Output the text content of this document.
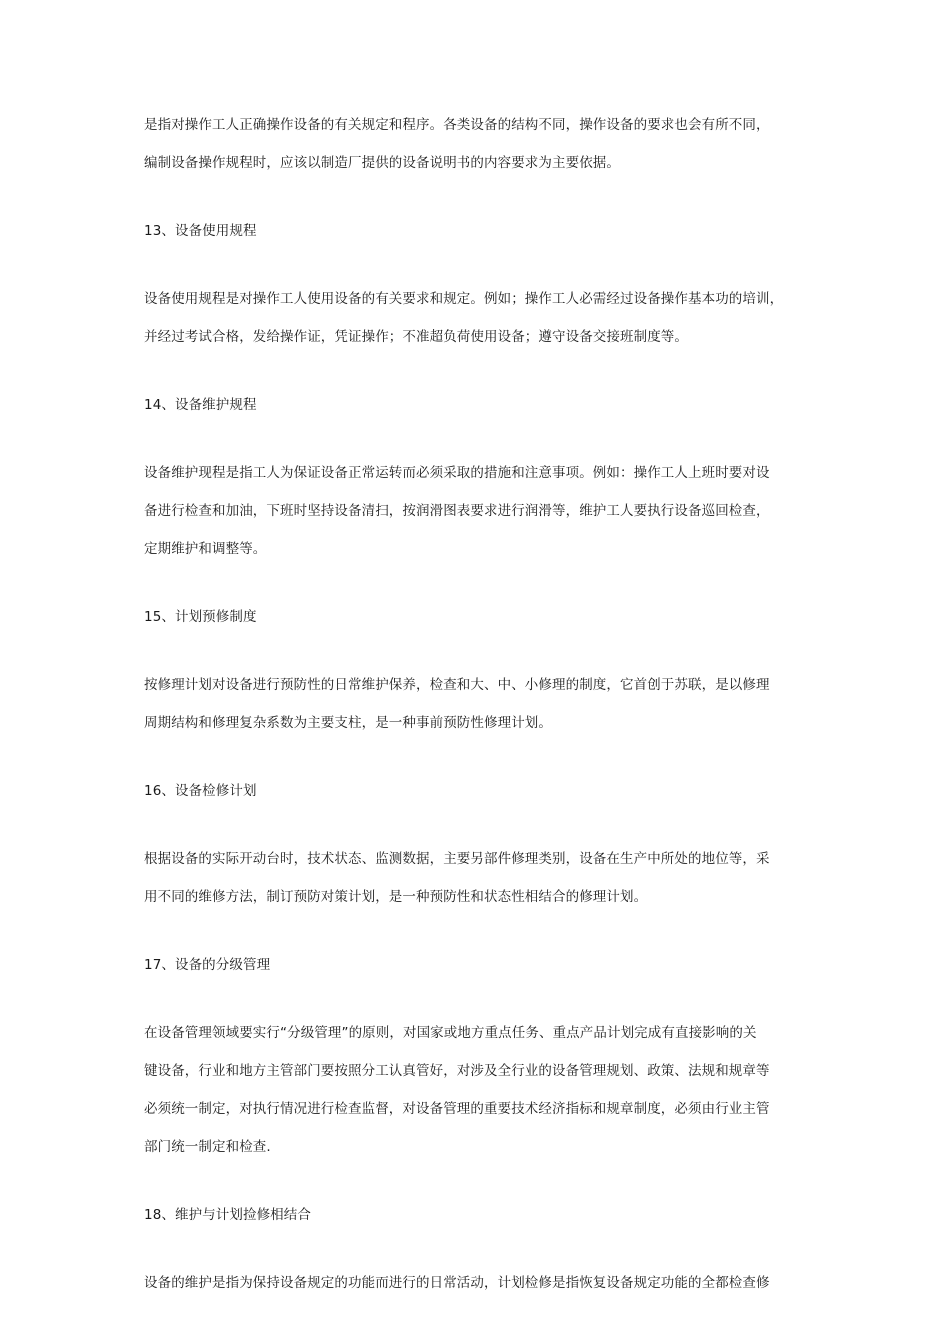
是指对操作工人正确操作设备的有关规定和程序。各类设备的结构不同，操作设备的要求也会有所不同，
编制设备操作规程时，应该以制造厂提供的设备说明书的内容要求为主要依据。
13、设备使用规程
设备使用规程是对操作工人使用设备的有关要求和规定。例如；操作工人必需经过设备操作基本功的培训，
并经过考试合格，发给操作证，凭证操作；不准超负荷使用设备；遵守设备交接班制度等。
14、设备维护规程
设备维护现程是指工人为保证设备正常运转而必须采取的措施和注意事项。例如：操作工人上班时要对设
备进行检查和加油，下班时坚持设备清扫，按润滑图表要求进行润滑等，维护工人要执行设备巡回检查，
定期维护和调整等。
15、计划预修制度
按修理计划对设备进行预防性的日常维护保养，检查和大、中、小修理的制度，它首创于苏联，是以修理
周期结构和修理复杂系数为主要支柱，是一种事前预防性修理计划。
16、设备检修计划
根据设备的实际开动台时，技术状态、监测数据，主要另部件修理类别，设备在生产中所处的地位等，采
用不同的维修方法，制订预防对策计划，是一种预防性和状态性相结合的修理计划。
17、设备的分级管理
在设备管理领域要实行“分级管理”的原则，对国家或地方重点任务、重点产品计划完成有直接影响的关
键设备，行业和地方主管部门要按照分工认真管好，对涉及全行业的设备管理规划、政策、法规和规章等
必须统一制定，对执行情况进行检查监督，对设备管理的重要技术经济指标和规章制度，必须由行业主管
部门统一制定和检查.
18、维护与计划捡修相结合
设备的维护是指为保持设备规定的功能而进行的日常活动，计划检修是指恢复设备规定功能的全都检查修
